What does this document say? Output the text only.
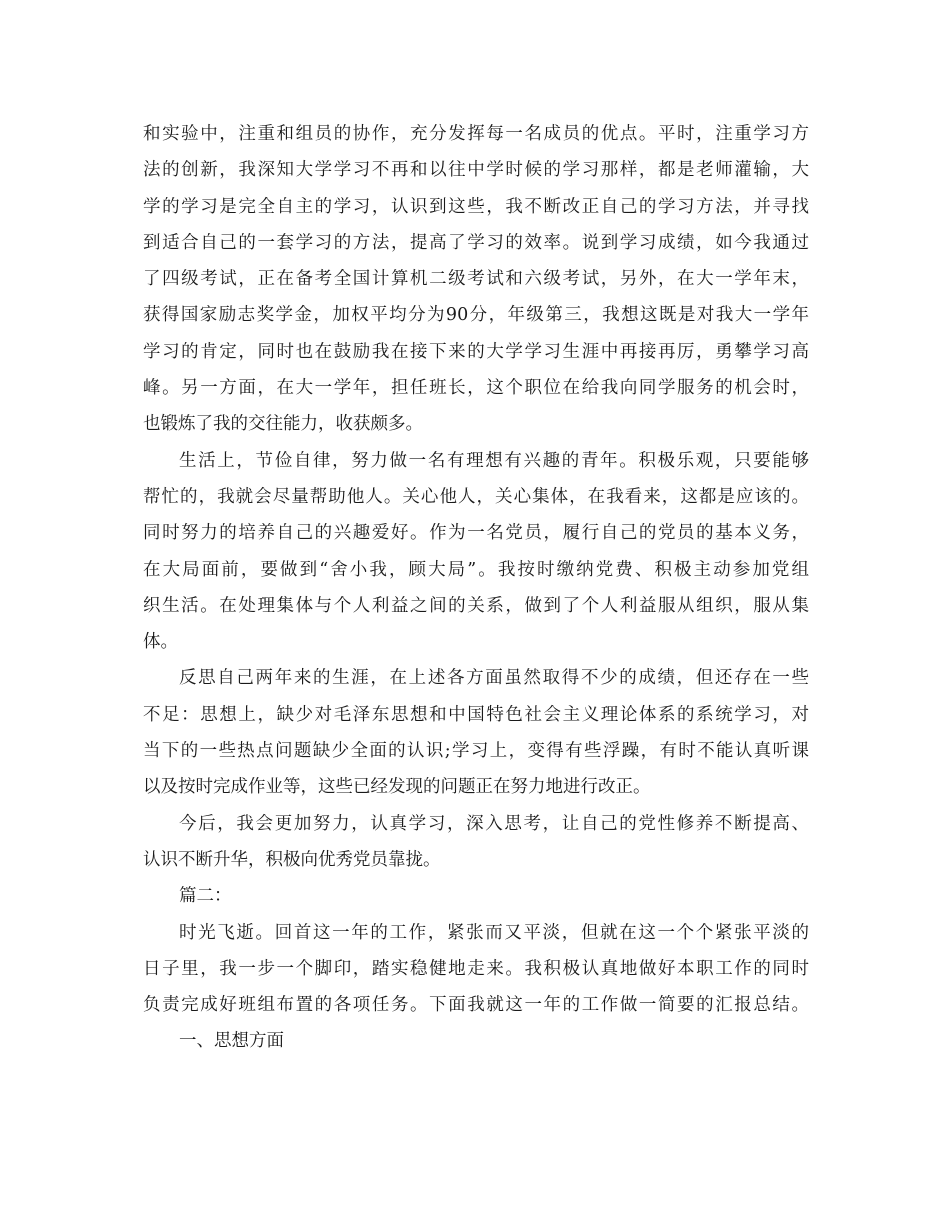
和实验中，注重和组员的协作，充分发挥每一名成员的优点。平时，注重学习方
法的创新，我深知大学学习不再和以往中学时候的学习那样，都是老师灌输，大
学的学习是完全自主的学习，认识到这些，我不断改正自己的学习方法，并寻找
到适合自己的一套学习的方法，提高了学习的效率。说到学习成绩，如今我通过
了四级考试，正在备考全国计算机二级考试和六级考试，另外，在大一学年末，
获得国家励志奖学金，加权平均分为90分，年级第三，我想这既是对我大一学年
学习的肯定，同时也在鼓励我在接下来的大学学习生涯中再接再厉，勇攀学习高
峰。另一方面，在大一学年，担任班长，这个职位在给我向同学服务的机会时，
也锻炼了我的交往能力，收获颇多。
生活上，节俭自律，努力做一名有理想有兴趣的青年。积极乐观，只要能够
帮忙的，我就会尽量帮助他人。关心他人，关心集体，在我看来，这都是应该的。
同时努力的培养自己的兴趣爱好。作为一名党员，履行自己的党员的基本义务，
在大局面前，要做到“舍小我，顾大局”。我按时缴纳党费、积极主动参加党组
织生活。在处理集体与个人利益之间的关系，做到了个人利益服从组织，服从集
体。
反思自己两年来的生涯，在上述各方面虽然取得不少的成绩，但还存在一些
不足：思想上，缺少对毛泽东思想和中国特色社会主义理论体系的系统学习，对
当下的一些热点问题缺少全面的认识;学习上，变得有些浮躁，有时不能认真听课
以及按时完成作业等，这些已经发现的问题正在努力地进行改正。
今后，我会更加努力，认真学习，深入思考，让自己的党性修养不断提高、
认识不断升华，积极向优秀党员靠拢。
篇二：
时光飞逝。回首这一年的工作，紧张而又平淡，但就在这一个个紧张平淡的
日子里，我一步一个脚印，踏实稳健地走来。我积极认真地做好本职工作的同时
负责完成好班组布置的各项任务。下面我就这一年的工作做一简要的汇报总结。
一、思想方面
